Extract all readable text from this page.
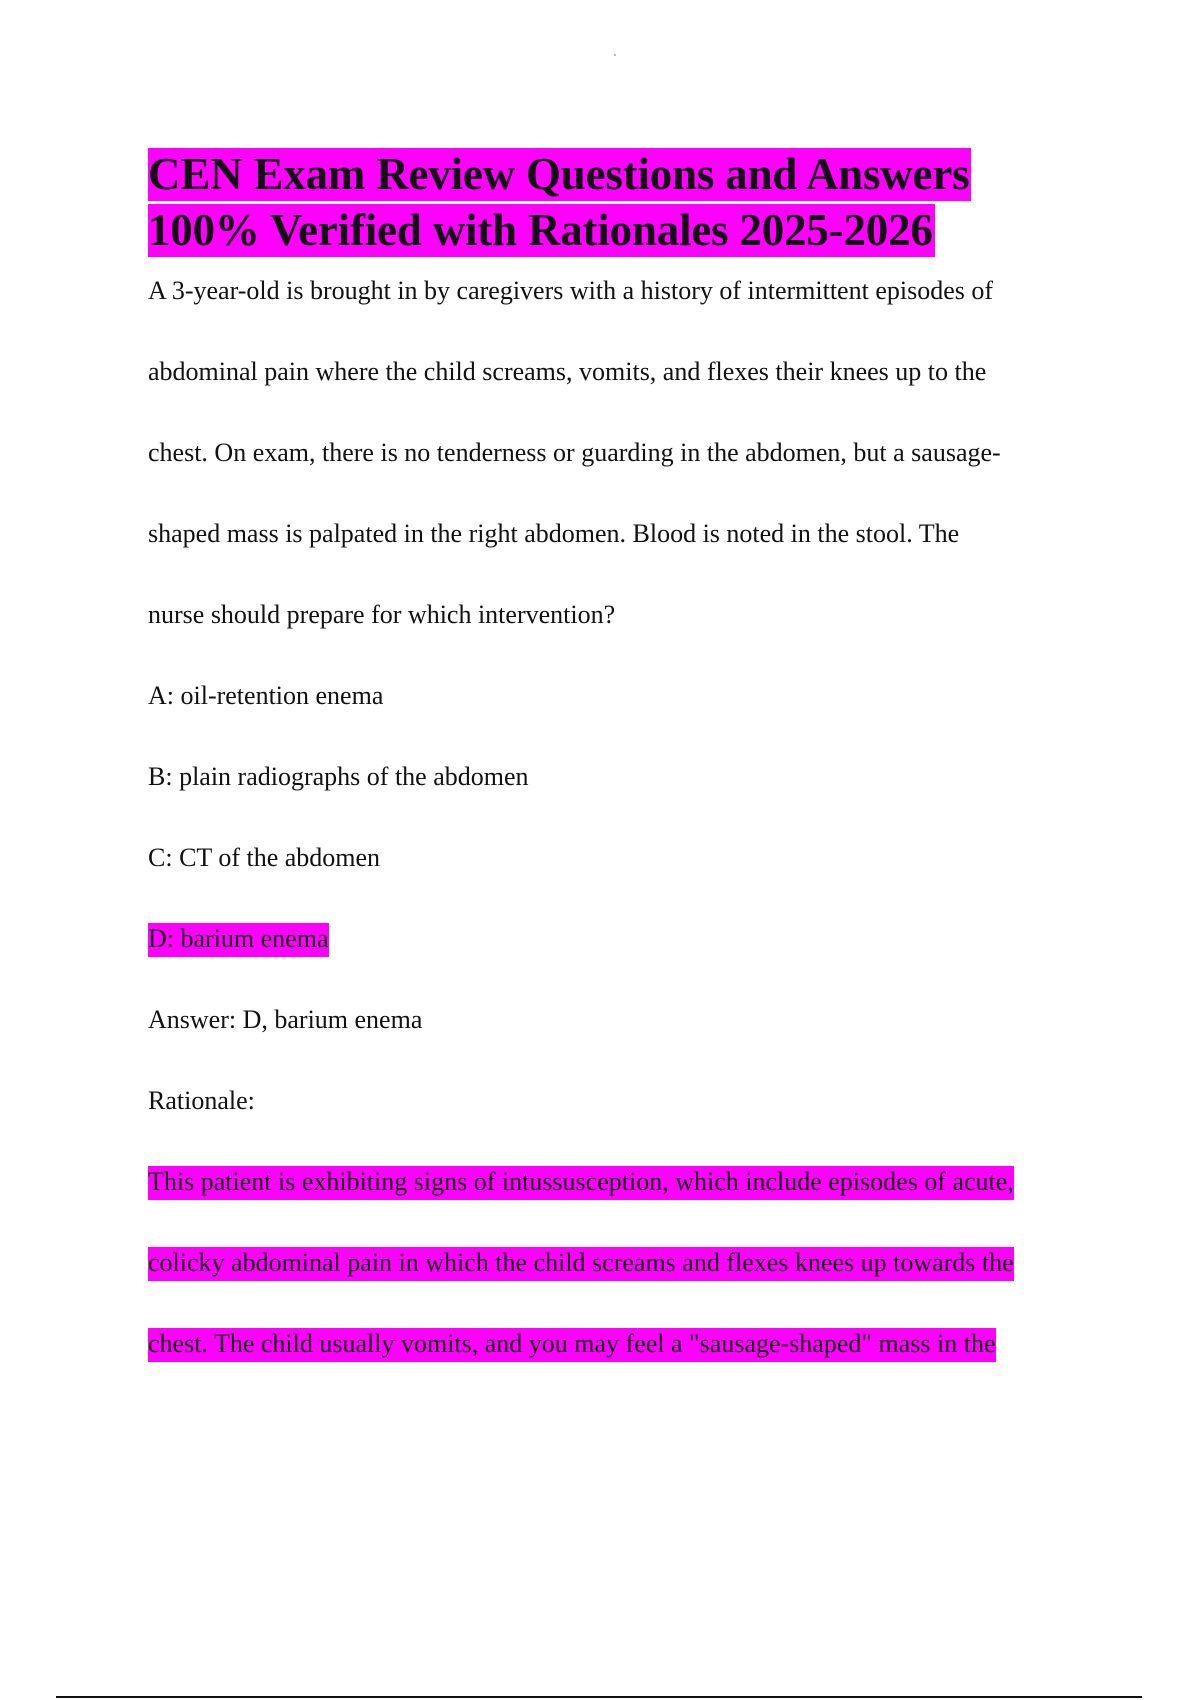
CEN Exam Review Questions and Answers
100% Verified with Rationales 2025-2026

A 3-year-old is brought in by caregivers with a history of intermittent episodes of

abdominal pain where the child screams, vomits, and flexes their knees up to the

chest. On exam, there is no tenderness or guarding in the abdomen, but a sausage-

shaped mass is palpated in the right abdomen. Blood is noted in the stool. The

nurse should prepare for which intervention?

A: oil-retention enema

B: plain radiographs of the abdomen

C: CT of the abdomen

D: barium enema

Answer: D, barium enema

Rationale:

This patient is exhibiting signs of intussusception, which include episodes of acute,

colicky abdominal pain in which the child screams and flexes knees up towards the

chest. The child usually vomits, and you may feel a "sausage-shaped" mass in the
